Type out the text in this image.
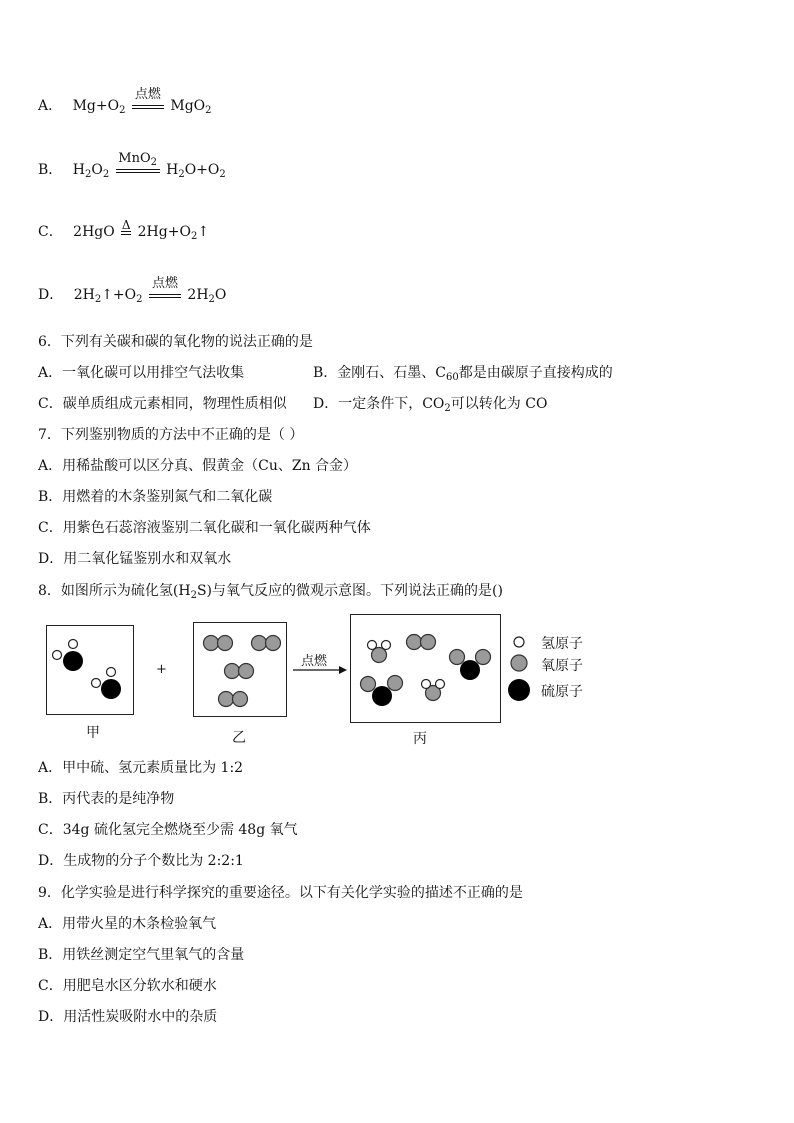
A． $Mg+O_2$
点燃
MgO$_2$
B． $H_2O_2$
MnO$_2$ $H_2O+O_2$
C． 2HgO Δ $2Hg+O_2↑$
D． $2H_2↑+O_2$
点燃
$2H_2O$
6．下列有关碳和碳的氧化物的说法正确的是
A．一氧化碳可以用排空气法收集	B．金刚石、石墨、$C_{60}$都是由碳原子直接构成的
C．碳单质组成元素相同，物理性质相似 D．一定条件下，$CO_2$可以转化为 CO
7．下列鉴别物质的方法中不正确的是（ ）
A．用稀盐酸可以区分真、假黄金（Cu、Zn 合金）
B．用燃着的木条鉴别氮气和二氧化碳
C．用紫色石蕊溶液鉴别二氧化碳和一氧化碳两种气体
D．用二氧化锰鉴别水和双氧水
8．如图所示为硫化氢$(H_2S)$与氧气反应的微观示意图。下列说法正确的是()
甲
+
乙
点燃
丙
氢原子
氧原子
硫原子
A．甲中硫、氢元素质量比为 1:2
B．丙代表的是纯净物
C．34g 硫化氢完全燃烧至少需 48g 氧气
D．生成物的分子个数比为 2:2:1
9．化学实验是进行科学探究的重要途径。以下有关化学实验的描述不正确的是
A．用带火星的木条检验氧气
B．用铁丝测定空气里氧气的含量
C．用肥皂水区分软水和硬水
D．用活性炭吸附水中的杂质
